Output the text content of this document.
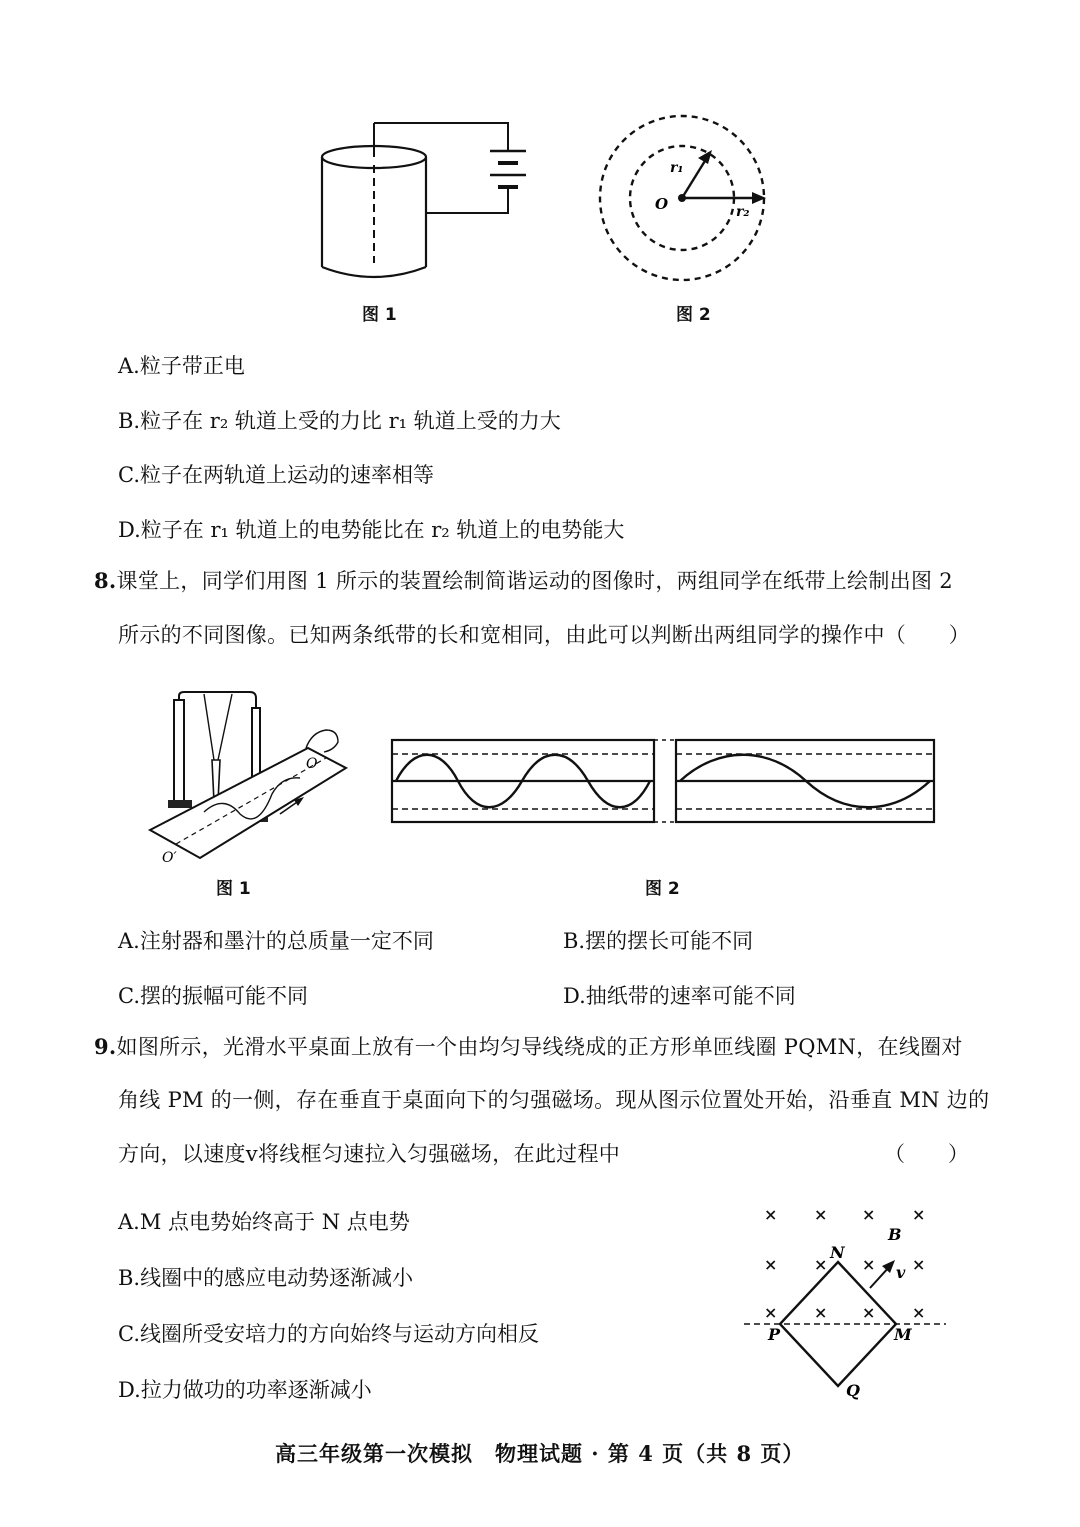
图 1
r₁
O	r₂
图 2
A.粒子带正电
B.粒子在 r₂ 轨道上受的力比 r₁ 轨道上受的力大
C.粒子在两轨道上运动的速率相等
D.粒子在 r₁ 轨道上的电势能比在 r₂ 轨道上的电势能大
8.课堂上，同学们用图 1 所示的装置绘制简谐运动的图像时，两组同学在纸带上绘制出图 2
所示的不同图像。已知两条纸带的长和宽相同，由此可以判断出两组同学的操作中（　　）
O
O′
图 1	图 2
A.注射器和墨汁的总质量一定不同	B.摆的摆长可能不同
C.摆的振幅可能不同	D.抽纸带的速率可能不同
9.如图所示，光滑水平桌面上放有一个由均匀导线绕成的正方形单匝线圈 PQMN，在线圈对
角线 PM 的一侧，存在垂直于桌面向下的匀强磁场。现从图示位置处开始，沿垂直 MN 边的
方向，以速度v将线框匀速拉入匀强磁场，在此过程中	（　　）
A.M 点电势始终高于 N 点电势
B.线圈中的感应电动势逐渐减小
C.线圈所受安培力的方向始终与运动方向相反
D.拉力做功的功率逐渐减小
× × × ×
× × × ×
× × × ×
B
N
v
P	M
Q
高三年级第一次模拟　物理试题 · 第 4 页（共 8 页）
